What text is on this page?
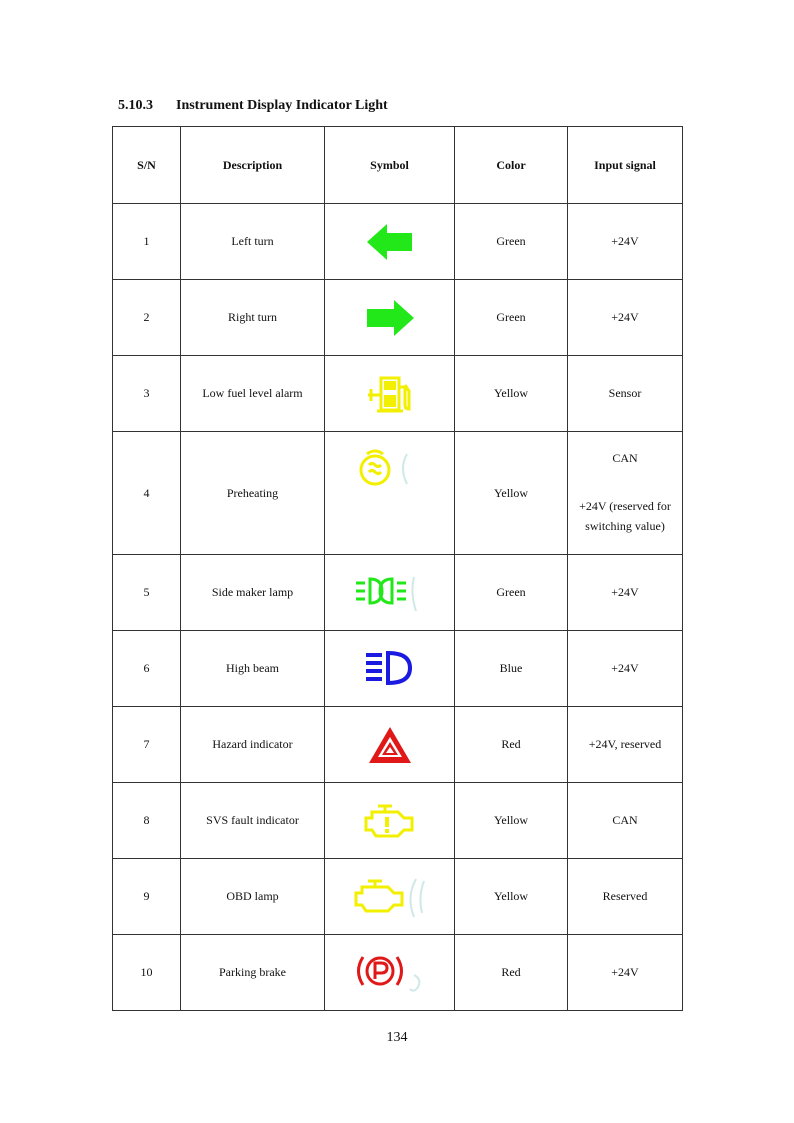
5.10.3 Instrument Display Indicator Light
S/N	Description	Symbol	Color	Input signal
1	Left turn		Green	+24V
2	Right turn		Green	+24V
3	Low fuel level alarm		Yellow	Sensor
4	Preheating		Yellow	CAN
+24V (reserved for switching value)

5	Side maker lamp		Green	+24V
6	High beam		Blue	+24V
7	Hazard indicator		Red	+24V, reserved
8	SVS fault indicator		Yellow	CAN
9	OBD lamp		Yellow	Reserved
10	Parking brake		Red	+24V
134
